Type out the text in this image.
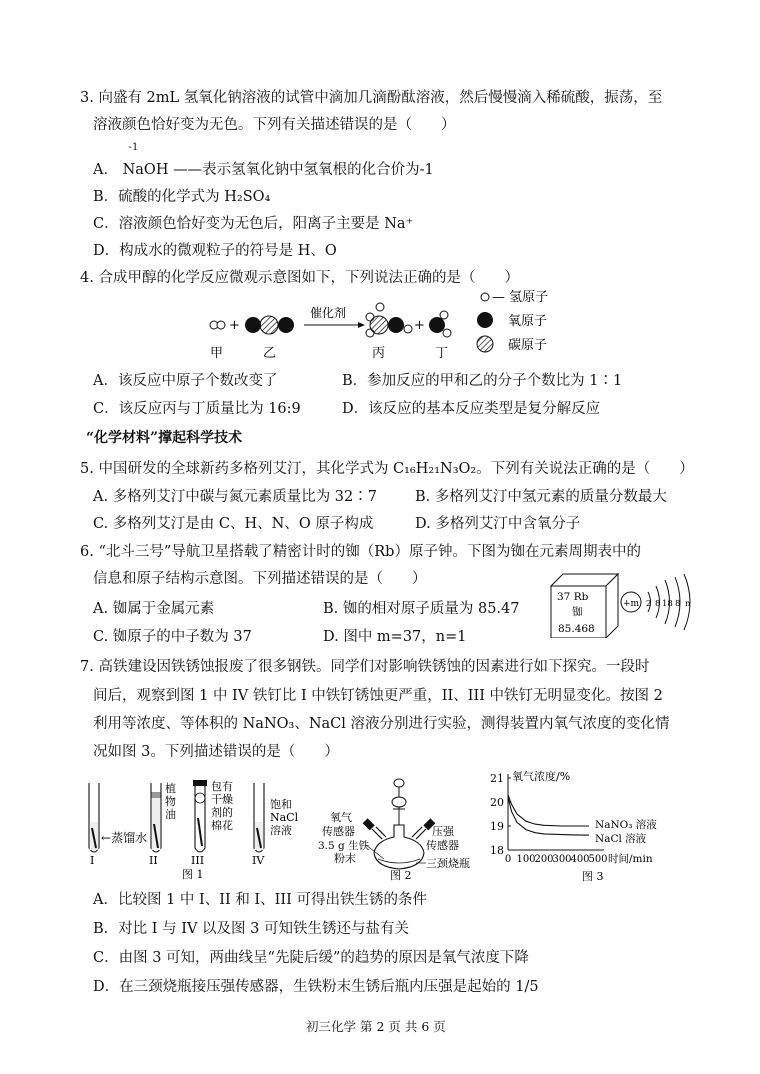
3. 向盛有 2mL 氢氧化钠溶液的试管中滴加几滴酚酞溶液，然后慢慢滴入稀硫酸，振荡，至
溶液颜色恰好变为无色。下列有关描述错误的是（　　）
A．
-1
NaOH ——表示氢氧化钠中氢氧根的化合价为-1
B．硫酸的化学式为 H₂SO₄
C．溶液颜色恰好变为无色后，阳离子主要是 Na⁺
D．构成水的微观粒子的符号是 H、O
4. 合成甲醇的化学反应微观示意图如下，下列说法正确的是（　　）
+
催化剂
+
甲	乙	丙	丁
— 氢原子
氧原子
碳原子
A．该反应中原子个数改变了	B．参加反应的甲和乙的分子个数比为 1∶1
C．该反应丙与丁质量比为 16:9	D．该反应的基本反应类型是复分解反应
“化学材料”撑起科学技术
5. 中国研发的全球新药多格列艾汀，其化学式为 C₁₆H₂₁N₃O₂。下列有关说法正确的是（　　）
A. 多格列艾汀中碳与氮元素质量比为 32∶7	B. 多格列艾汀中氢元素的质量分数最大
C. 多格列艾汀是由 C、H、N、O 原子构成	D. 多格列艾汀中含氧分子
6. “北斗三号”导航卫星搭载了精密计时的铷（Rb）原子钟。下图为铷在元素周期表中的
信息和原子结构示意图。下列描述错误的是（　　）
A. 铷属于金属元素	B. 铷的相对原子质量为 85.47
C. 铷原子的中子数为 37	D. 图中 m=37，n=1
37 Rb
铷
85.468
+m 2 8 18 8 n
7. 高铁建设因铁锈蚀报废了很多钢铁。同学们对影响铁锈蚀的因素进行如下探究。一段时
间后，观察到图 1 中 IV 铁钉比 I 中铁钉锈蚀更严重，II、III 中铁钉无明显变化。按图 2
利用等浓度、等体积的 NaNO₃、NaCl 溶液分别进行实验，测得装置内氧气浓度的变化情
况如图 3。下列描述错误的是（　　）
←蒸馏水
I
植
物
油
II
包有
干燥
剂的
棉花
III
饱和
NaCl
溶液
IV
图 1
氧气
传感器
3.5 g 生铁
粉末
压强
传感器
三颈烧瓶
图 2
18
19
20
21
0 100
200
300
400
500
NaNO₃ 溶液
NaCl 溶液
氧气浓度/%
时间/min
图 3
A．比较图 1 中 I、II 和 I、III 可得出铁生锈的条件
B．对比 I 与 IV 以及图 3 可知铁生锈还与盐有关
C．由图 3 可知，两曲线呈“先陡后缓”的趋势的原因是氧气浓度下降
D．在三颈烧瓶接压强传感器，生铁粉末生锈后瓶内压强是起始的 1/5
初三化学 第 2 页 共 6 页
